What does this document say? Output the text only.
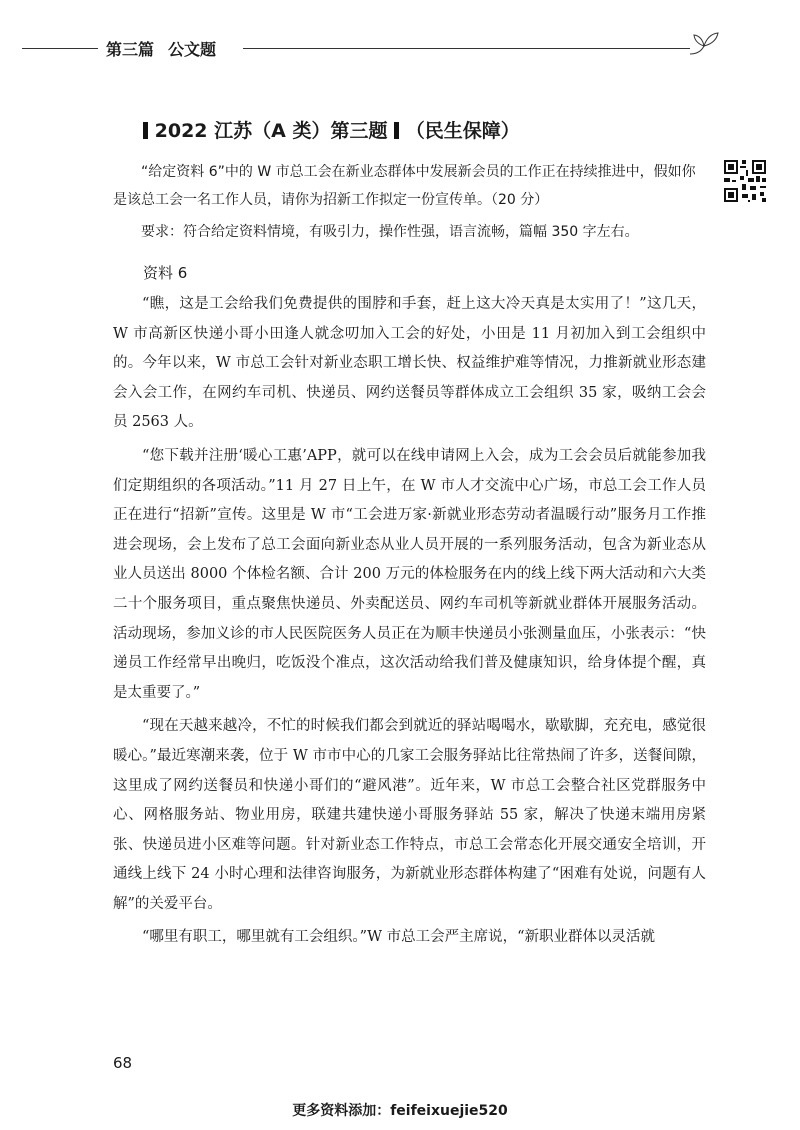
第三篇 公文题
2022 江苏（A 类）第三题 （民生保障）

“给定资料 6”中的 W 市总工会在新业态群体中发展新会员的工作正在持续推进中，假如你是该总工会一名工作人员，请你为招新工作拟定一份宣传单。（20 分）

要求：符合给定资料情境，有吸引力，操作性强，语言流畅，篇幅 350 字左右。

资料 6

“瞧，这是工会给我们免费提供的围脖和手套，赶上这大冷天真是太实用了！”这几天，W 市高新区快递小哥小田逢人就念叨加入工会的好处，小田是 11 月初加入到工会组织中的。今年以来，W 市总工会针对新业态职工增长快、权益维护难等情况，力推新就业形态建会入会工作，在网约车司机、快递员、网约送餐员等群体成立工会组织 35 家，吸纳工会会员 2563 人。

“您下载并注册‘暖心工惠’APP，就可以在线申请网上入会，成为工会会员后就能参加我们定期组织的各项活动。”11 月 27 日上午，在 W 市人才交流中心广场，市总工会工作人员正在进行“招新”宣传。这里是 W 市“工会进万家·新就业形态劳动者温暖行动”服务月工作推进会现场，会上发布了总工会面向新业态从业人员开展的一系列服务活动，包含为新业态从业人员送出 8000 个体检名额、合计 200 万元的体检服务在内的线上线下两大活动和六大类二十个服务项目，重点聚焦快递员、外卖配送员、网约车司机等新就业群体开展服务活动。活动现场，参加义诊的市人民医院医务人员正在为顺丰快递员小张测量血压，小张表示：“快递员工作经常早出晚归，吃饭没个准点，这次活动给我们普及健康知识，给身体提个醒，真是太重要了。”

“现在天越来越冷，不忙的时候我们都会到就近的驿站喝喝水，歇歇脚，充充电，感觉很暖心。”最近寒潮来袭，位于 W 市市中心的几家工会服务驿站比往常热闹了许多，送餐间隙，这里成了网约送餐员和快递小哥们的“避风港”。近年来，W 市总工会整合社区党群服务中心、网格服务站、物业用房，联建共建快递小哥服务驿站 55 家，解决了快递末端用房紧张、快递员进小区难等问题。针对新业态工作特点，市总工会常态化开展交通安全培训，开通线上线下 24 小时心理和法律咨询服务，为新就业形态群体构建了“困难有处说，问题有人解”的关爱平台。

“哪里有职工，哪里就有工会组织。”W 市总工会严主席说，“新职业群体以灵活就

68
更多资料添加：feifeixuejie520
